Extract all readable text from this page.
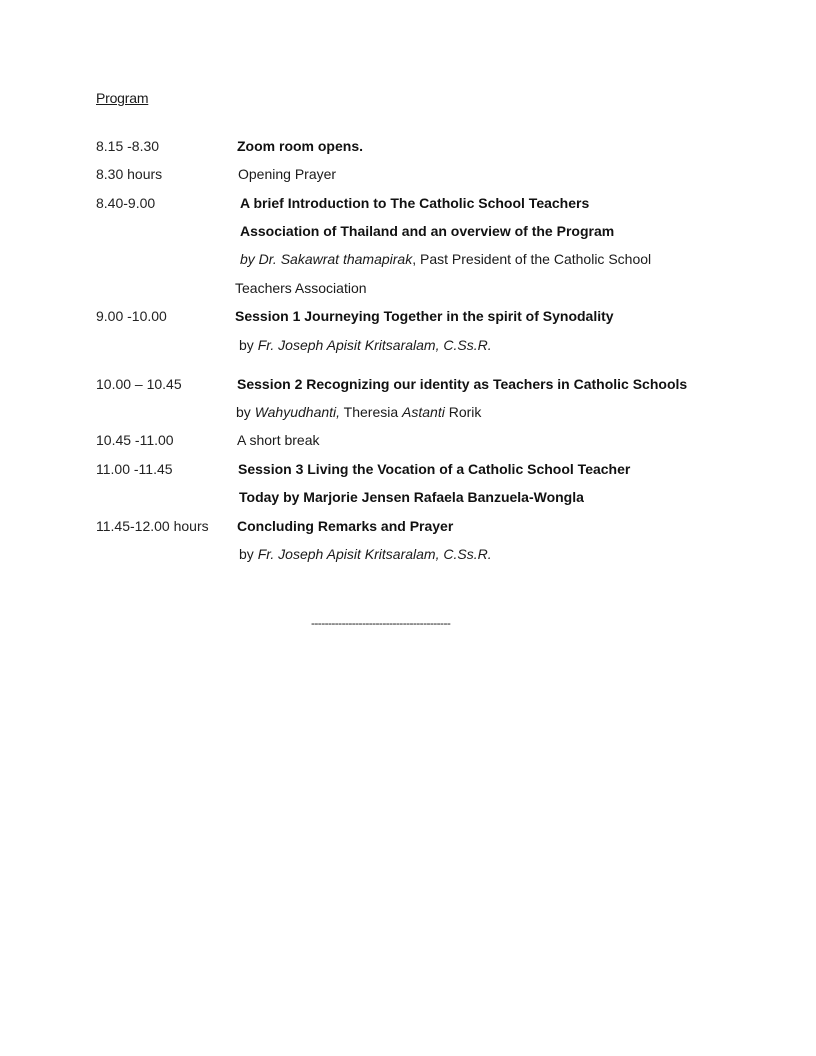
Program
8.15 -8.30	Zoom room opens.
8.30 hours	Opening Prayer
8.40-9.00	A brief Introduction to The Catholic School Teachers
Association of Thailand and an overview of the Program
by Dr. Sakawrat thamapirak, Past President of the Catholic School
Teachers Association
9.00 -10.00	Session 1 Journeying Together in the spirit of Synodality
by Fr. Joseph Apisit Kritsaralam, C.Ss.R.
10.00 – 10.45	Session 2 Recognizing our identity as Teachers in Catholic Schools
by Wahyudhanti, Theresia Astanti Rorik
10.45 -11.00	A short break
11.00 -11.45	Session 3 Living the Vocation of a Catholic School Teacher
Today by Marjorie Jensen Rafaela Banzuela-Wongla
11.45-12.00 hours Concluding Remarks and Prayer
by Fr. Joseph Apisit Kritsaralam, C.Ss.R.
-----------------------------------------
